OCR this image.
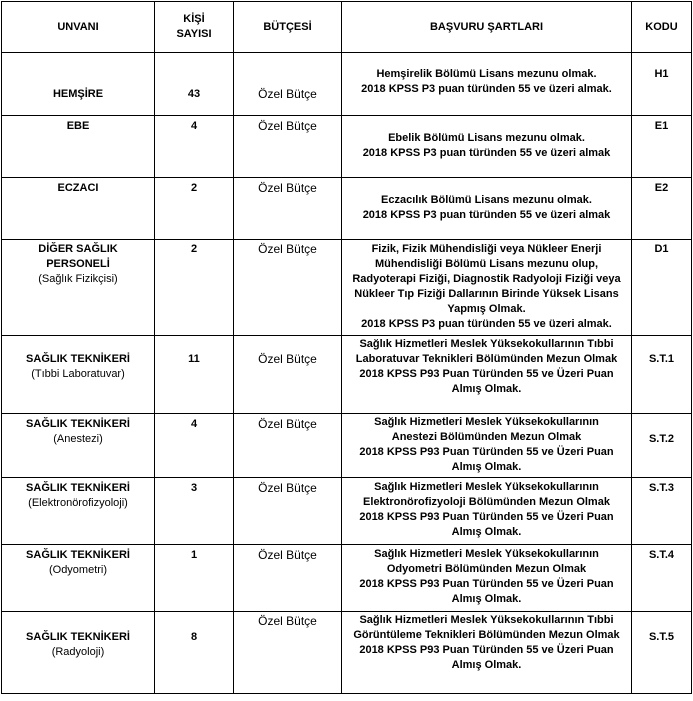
UNVANI	KİŞİ SAYISI	BÜTÇESİ	BAŞVURU ŞARTLARI	KODU

HEMŞİRE	43	Özel Bütçe	Hemşirelik Bölümü Lisans mezunu olmak.
2018 KPSS P3 puan türünden 55 ve üzeri almak.	H1

EBE	4	Özel Bütçe	Ebelik Bölümü Lisans mezunu olmak.
2018 KPSS P3 puan türünden 55 ve üzeri almak	E1

ECZACI	2	Özel Bütçe	Eczacılık Bölümü Lisans mezunu olmak.
2018 KPSS P3 puan türünden 55 ve üzeri almak	E2

DİĞER SAĞLIK PERSONELİ
(Sağlık Fizikçisi)	2	Özel Bütçe	Fizik, Fizik Mühendisliği veya Nükleer Enerji Mühendisliği Bölümü Lisans mezunu olup, Radyoterapi Fiziği, Diagnostik Radyoloji Fiziği veya Nükleer Tıp Fiziği Dallarının Birinde Yüksek Lisans Yapmış Olmak.
2018 KPSS P3 puan türünden 55 ve üzeri almak.	D1

SAĞLIK TEKNİKERİ
(Tıbbi Laboratuvar)	11	Özel Bütçe	Sağlık Hizmetleri Meslek Yüksekokullarının Tıbbi Laboratuvar Teknikleri Bölümünden Mezun Olmak
2018 KPSS P93 Puan Türünden 55 ve Üzeri Puan Almış Olmak.	S.T.1

SAĞLIK TEKNİKERİ
(Anestezi)	4	Özel Bütçe	Sağlık Hizmetleri Meslek Yüksekokullarının Anestezi Bölümünden Mezun Olmak
2018 KPSS P93 Puan Türünden 55 ve Üzeri Puan Almış Olmak.	S.T.2

SAĞLIK TEKNİKERİ
(Elektronörofizyoloji)	3	Özel Bütçe	Sağlık Hizmetleri Meslek Yüksekokullarının Elektronörofizyoloji Bölümünden Mezun Olmak
2018 KPSS P93 Puan Türünden 55 ve Üzeri Puan Almış Olmak.	S.T.3

SAĞLIK TEKNİKERİ
(Odyometri)	1	Özel Bütçe	Sağlık Hizmetleri Meslek Yüksekokullarının Odyometri Bölümünden Mezun Olmak
2018 KPSS P93 Puan Türünden 55 ve Üzeri Puan Almış Olmak.	S.T.4

SAĞLIK TEKNİKERİ
(Radyoloji)	8	Özel Bütçe	Sağlık Hizmetleri Meslek Yüksekokullarının Tıbbi Görüntüleme Teknikleri Bölümünden Mezun Olmak
2018 KPSS P93 Puan Türünden 55 ve Üzeri Puan Almış Olmak.	S.T.5
